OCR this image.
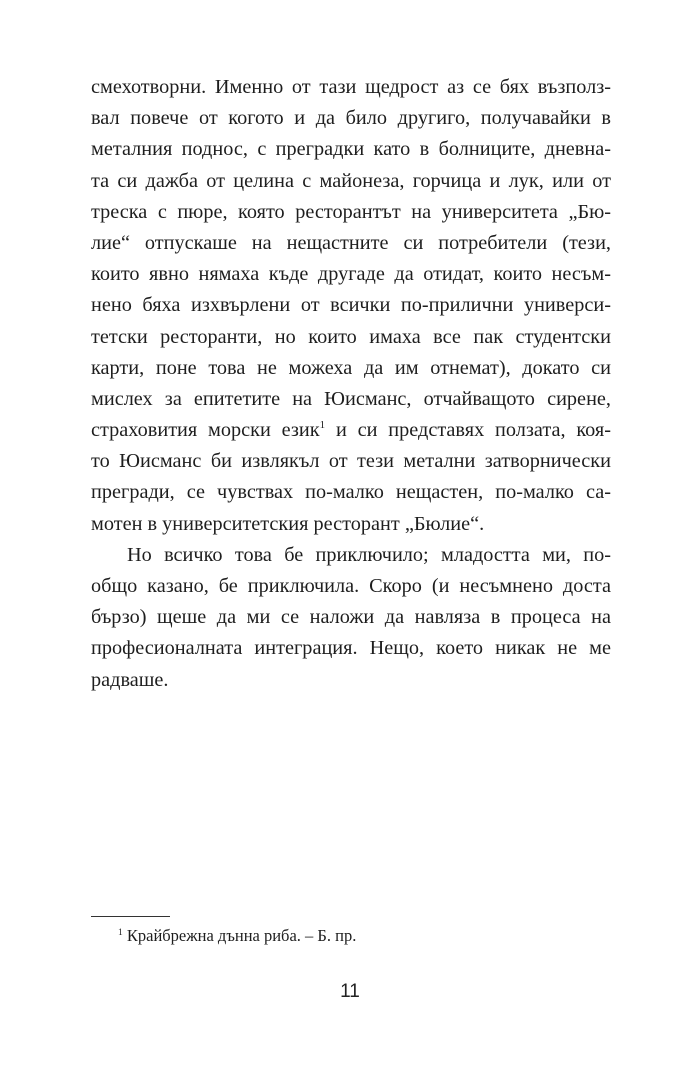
смехотворни. Именно от тази щедрост аз се бях възполз-
вал повече от когото и да било другиго, получавайки в
металния поднос, с преградки като в болниците, дневна-
та си дажба от целина с майонеза, горчица и лук, или от
треска с пюре, която ресторантът на университета „Бю-
лие“ отпускаше на нещастните си потребители (тези,
които явно нямаха къде другаде да отидат, които несъм-
нено бяха изхвърлени от всички по-прилични универси-
тетски ресторанти, но които имаха все пак студентски
карти, поне това не можеха да им отнемат), докато си
мислех за епитетите на Юисманс, отчайващото сирене,
страховития морски език$^1$ и си представях ползата, коя-
то Юисманс би извлякъл от тези метални затворнически
прегради, се чувствах по-малко нещастен, по-малко са-
мотен в университетския ресторант „Бюлие“.

Но всичко това бе приключило; младостта ми, по-
общо казано, бе приключила. Скоро (и несъмнено доста
бързо) щеше да ми се наложи да навляза в процеса на
професионалната интеграция. Нещо, което никак не ме
радваше.

$^1$ Крайбрежна дънна риба. – Б. пр.
11
